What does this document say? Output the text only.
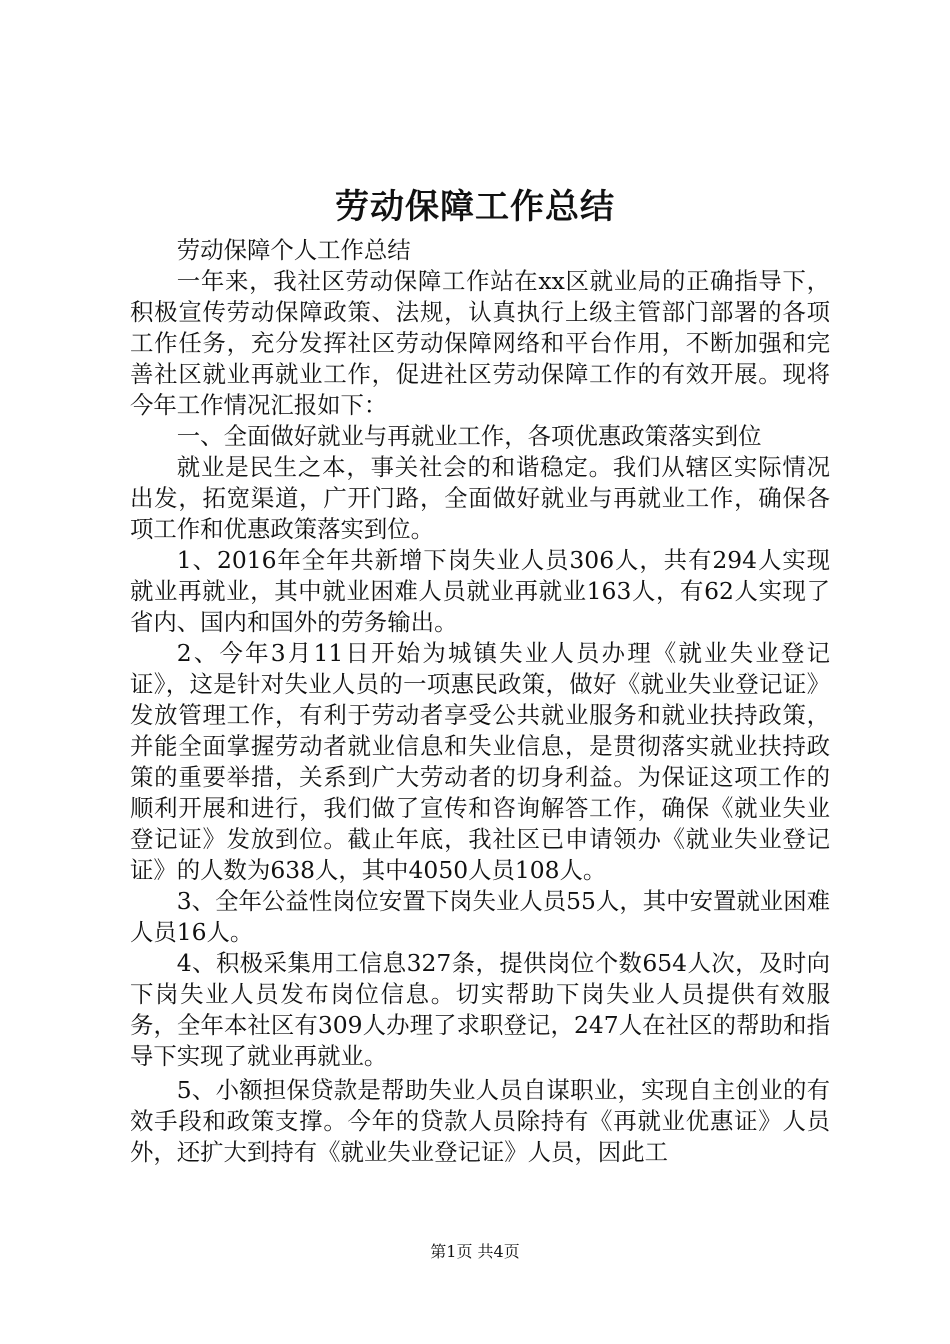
劳动保障工作总结

劳动保障个人工作总结

一年来，我社区劳动保障工作站在xx区就业局的正确指导下，积极宣传劳动保障政策、法规，认真执行上级主管部门部署的各项工作任务，充分发挥社区劳动保障网络和平台作用，不断加强和完善社区就业再就业工作，促进社区劳动保障工作的有效开展。现将今年工作情况汇报如下：

一、全面做好就业与再就业工作，各项优惠政策落实到位

就业是民生之本，事关社会的和谐稳定。我们从辖区实际情况出发，拓宽渠道，广开门路，全面做好就业与再就业工作，确保各项工作和优惠政策落实到位。

1、2016年全年共新增下岗失业人员306人，共有294人实现就业再就业，其中就业困难人员就业再就业163人，有62人实现了省内、国内和国外的劳务输出。

2、今年3月11日开始为城镇失业人员办理《就业失业登记证》，这是针对失业人员的一项惠民政策，做好《就业失业登记证》发放管理工作，有利于劳动者享受公共就业服务和就业扶持政策，并能全面掌握劳动者就业信息和失业信息，是贯彻落实就业扶持政策的重要举措，关系到广大劳动者的切身利益。为保证这项工作的顺利开展和进行，我们做了宣传和咨询解答工作，确保《就业失业登记证》发放到位。截止年底，我社区已申请领办《就业失业登记证》的人数为638人，其中4050人员108人。

3、全年公益性岗位安置下岗失业人员55人，其中安置就业困难人员16人。

4、积极采集用工信息327条，提供岗位个数654人次，及时向下岗失业人员发布岗位信息。切实帮助下岗失业人员提供有效服务，全年本社区有309人办理了求职登记，247人在社区的帮助和指导下实现了就业再就业。

5、小额担保贷款是帮助失业人员自谋职业，实现自主创业的有效手段和政策支撑。今年的贷款人员除持有《再就业优惠证》人员外，还扩大到持有《就业失业登记证》人员，因此工

第1页 共4页
